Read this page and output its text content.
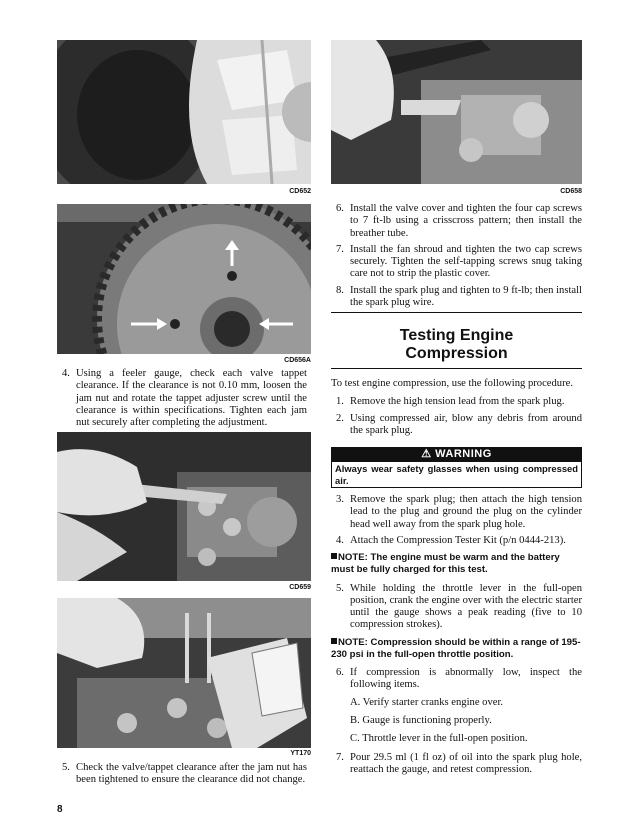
CD652
CD656A
4. Using a feeler gauge, check each valve tappet clearance. If the clearance is not 0.10 mm, loosen the jam nut and rotate the tappet adjuster screw until the clearance is within specifications. Tighten each jam nut securely after completing the adjustment.
CD659
YT170
5. Check the valve/tappet clearance after the jam nut has been tightened to ensure the clearance did not change.
CD658
6. Install the valve cover and tighten the four cap screws to 7 ft-lb using a crisscross pattern; then install the breather tube.
7. Install the fan shroud and tighten the two cap screws securely. Tighten the self-tapping screws snug taking care not to strip the plastic cover.
8. Install the spark plug and tighten to 9 ft-lb; then install the spark plug wire.
Testing Engine
Compression

To test engine compression, use the following procedure.

1. Remove the high tension lead from the spark plug.
2. Using compressed air, blow any debris from around the spark plug.
⚠ WARNING
Always wear safety glasses when using compressed air.
3. Remove the spark plug; then attach the high tension lead to the plug and ground the plug on the cylinder head well away from the spark plug hole.
4. Attach the Compression Tester Kit (p/n 0444-213).
NOTE: The engine must be warm and the battery must be fully charged for this test.
5. While holding the throttle lever in the full-open position, crank the engine over with the electric starter until the gauge shows a peak reading (five to 10 compression strokes).
NOTE: Compression should be within a range of 195-230 psi in the full-open throttle position.
6. If compression is abnormally low, inspect the following items.
A. Verify starter cranks engine over.
B. Gauge is functioning properly.
C. Throttle lever in the full-open position.
7. Pour 29.5 ml (1 fl oz) of oil into the spark plug hole, reattach the gauge, and retest compression.
8
